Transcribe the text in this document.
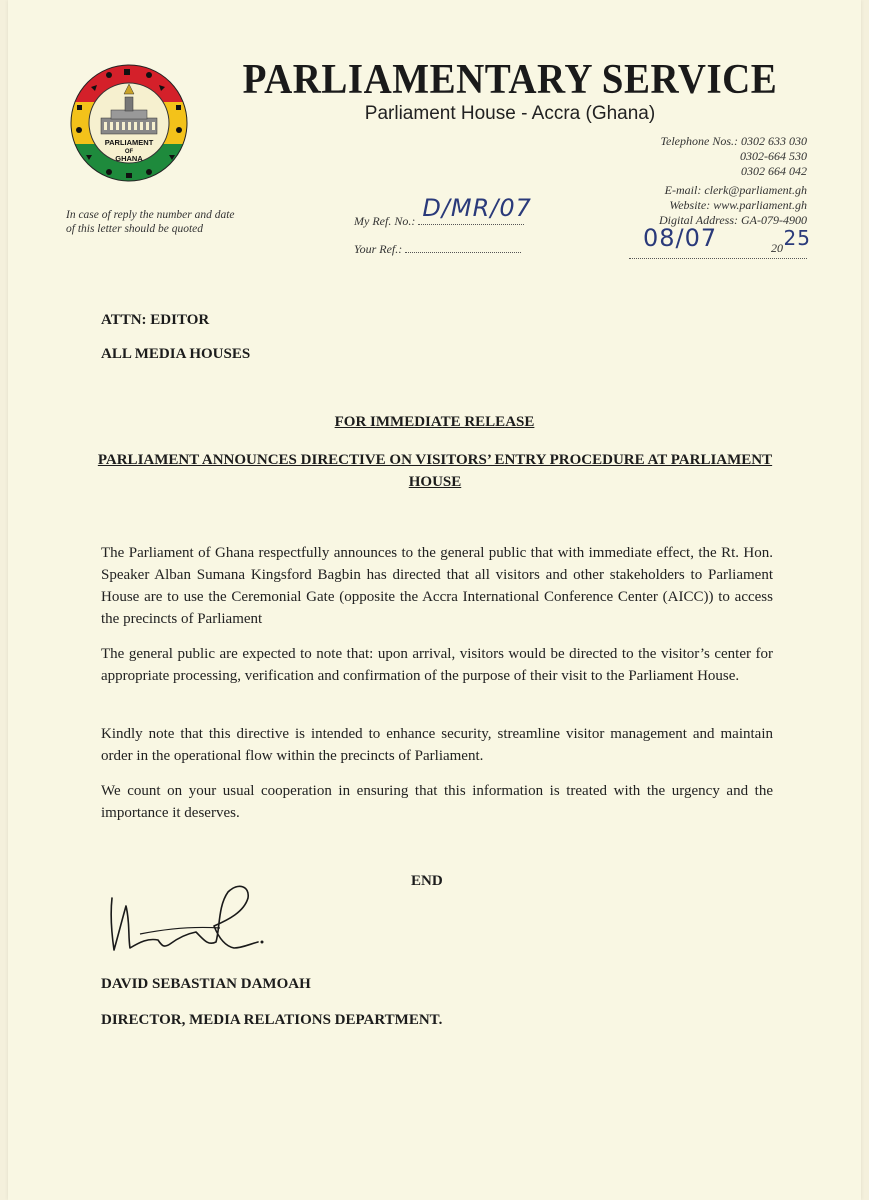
PARLIAMENT
OF
GHANA
PARLIAMENTARY SERVICE
Parliament House - Accra (Ghana)
Telephone Nos.: 0302 633 030
0302-664 530
0302 664 042
E-mail: clerk@parliament.gh
Website: www.parliament.gh
Digital Address: GA-079-4900
In case of reply the number and date of this letter should be quoted
My Ref. No.: D/MR/07
Your Ref.:	08/07	20 25
ATTN: EDITOR
ALL MEDIA HOUSES
FOR IMMEDIATE RELEASE
PARLIAMENT ANNOUNCES DIRECTIVE ON VISITORS’ ENTRY PROCEDURE AT PARLIAMENT HOUSE
The Parliament of Ghana respectfully announces to the general public that with immediate effect, the Rt. Hon. Speaker Alban Sumana Kingsford Bagbin has directed that all visitors and other stakeholders to Parliament House are to use the Ceremonial Gate (opposite the Accra International Conference Center (AICC)) to access the precincts of Parliament
The general public are expected to note that: upon arrival, visitors would be directed to the visitor’s center for appropriate processing, verification and confirmation of the purpose of their visit to the Parliament House.
Kindly note that this directive is intended to enhance security, streamline visitor management and maintain order in the operational flow within the precincts of Parliament.
We count on your usual cooperation in ensuring that this information is treated with the urgency and the importance it deserves.
END
DAVID SEBASTIAN DAMOAH
DIRECTOR, MEDIA RELATIONS DEPARTMENT.
